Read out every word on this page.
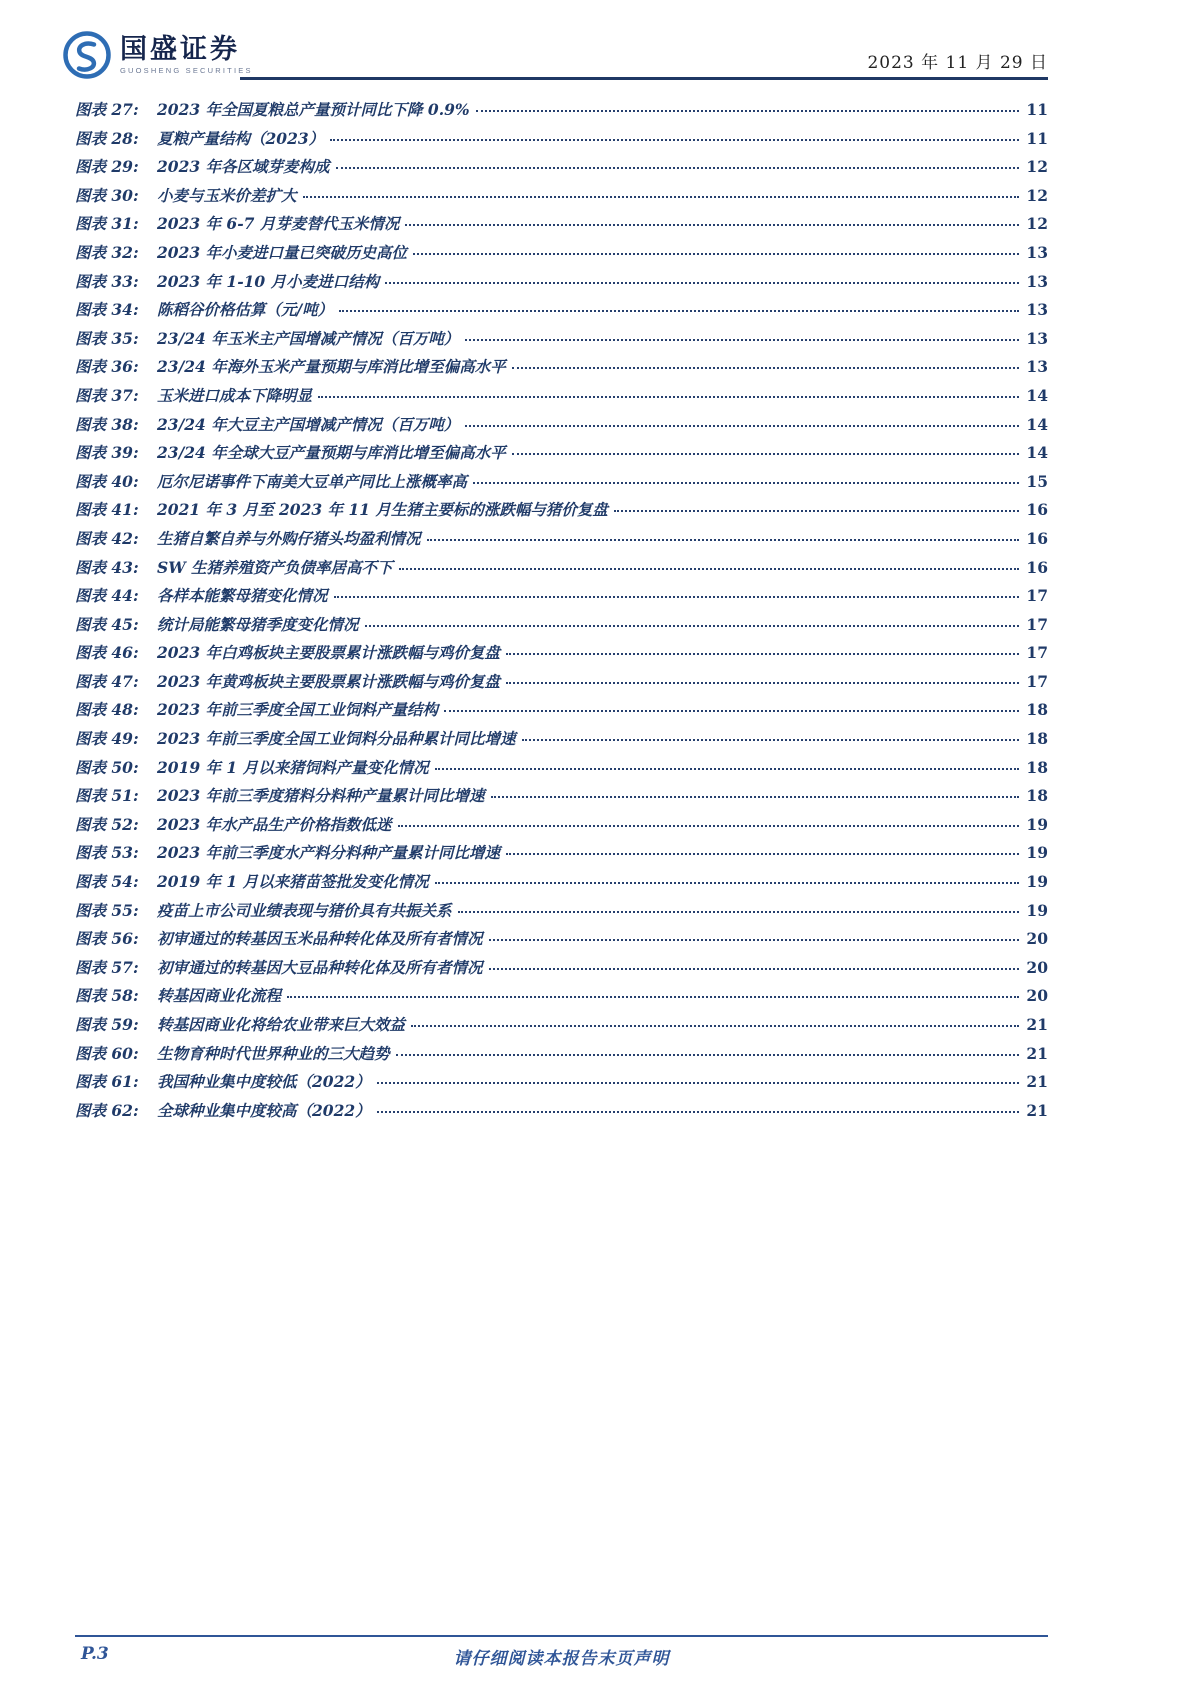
国盛证券
GUOSHENG SECURITIES	2023 年 11 月 29 日
图表 27:	2023 年全国夏粮总产量预计同比下降 0.9%	11
图表 28:	夏粮产量结构（2023）	11
图表 29:	2023 年各区域芽麦构成	12
图表 30:	小麦与玉米价差扩大	12
图表 31:	2023 年 6-7 月芽麦替代玉米情况	12
图表 32:	2023 年小麦进口量已突破历史高位	13
图表 33:	2023 年 1-10 月小麦进口结构	13
图表 34:	陈稻谷价格估算（元/吨）	13
图表 35:	23/24 年玉米主产国增减产情况（百万吨）	13
图表 36:	23/24 年海外玉米产量预期与库消比增至偏高水平	13
图表 37:	玉米进口成本下降明显	14
图表 38:	23/24 年大豆主产国增减产情况（百万吨）	14
图表 39:	23/24 年全球大豆产量预期与库消比增至偏高水平	14
图表 40:	厄尔尼诺事件下南美大豆单产同比上涨概率高	15
图表 41:	2021 年 3 月至 2023 年 11 月生猪主要标的涨跌幅与猪价复盘	16
图表 42:	生猪自繁自养与外购仔猪头均盈利情况	16
图表 43:	SW 生猪养殖资产负债率居高不下	16
图表 44:	各样本能繁母猪变化情况	17
图表 45:	统计局能繁母猪季度变化情况	17
图表 46:	2023 年白鸡板块主要股票累计涨跌幅与鸡价复盘	17
图表 47:	2023 年黄鸡板块主要股票累计涨跌幅与鸡价复盘	17
图表 48:	2023 年前三季度全国工业饲料产量结构	18
图表 49:	2023 年前三季度全国工业饲料分品种累计同比增速	18
图表 50:	2019 年 1 月以来猪饲料产量变化情况	18
图表 51:	2023 年前三季度猪料分料种产量累计同比增速	18
图表 52:	2023 年水产品生产价格指数低迷	19
图表 53:	2023 年前三季度水产料分料种产量累计同比增速	19
图表 54:	2019 年 1 月以来猪苗签批发变化情况	19
图表 55:	疫苗上市公司业绩表现与猪价具有共振关系	19
图表 56:	初审通过的转基因玉米品种转化体及所有者情况	20
图表 57:	初审通过的转基因大豆品种转化体及所有者情况	20
图表 58:	转基因商业化流程	20
图表 59:	转基因商业化将给农业带来巨大效益	21
图表 60:	生物育种时代世界种业的三大趋势	21
图表 61:	我国种业集中度较低（2022）	21
图表 62:	全球种业集中度较高（2022）	21
P.3	请仔细阅读本报告末页声明
